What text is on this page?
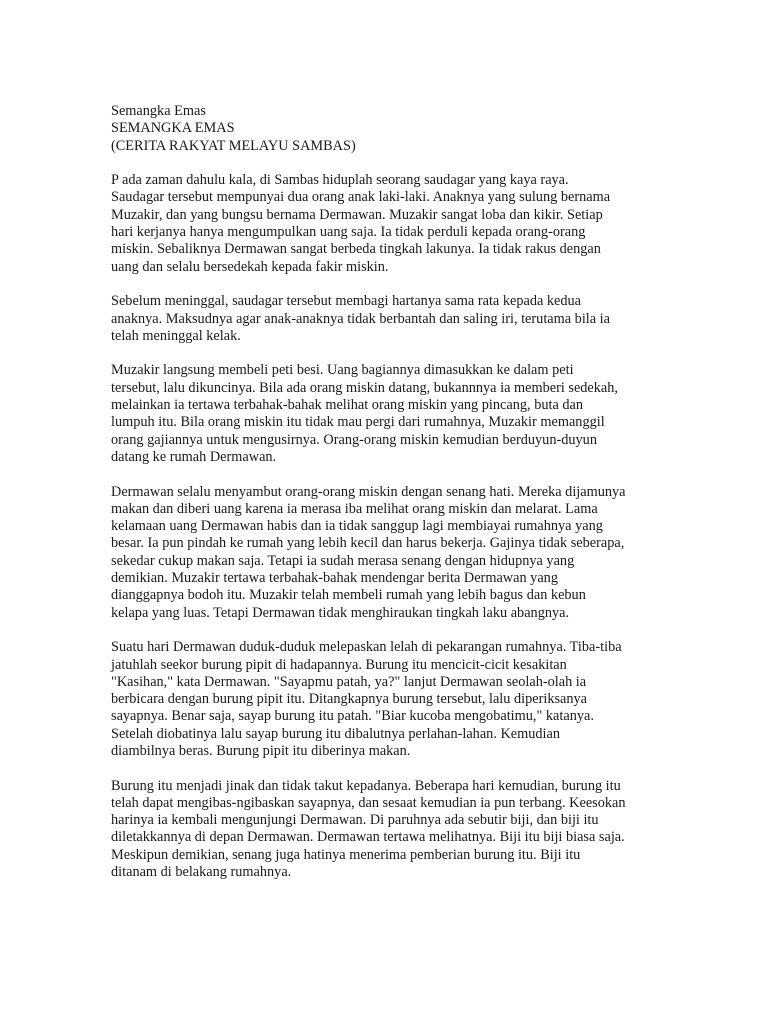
Semangka Emas
SEMANGKA EMAS
(CERITA RAKYAT MELAYU SAMBAS)

P ada zaman dahulu kala, di Sambas hiduplah seorang saudagar yang kaya raya.
Saudagar tersebut mempunyai dua orang anak laki-laki. Anaknya yang sulung bernama
Muzakir, dan yang bungsu bernama Dermawan. Muzakir sangat loba dan kikir. Setiap
hari kerjanya hanya mengumpulkan uang saja. Ia tidak perduli kepada orang-orang
miskin. Sebaliknya Dermawan sangat berbeda tingkah lakunya. Ia tidak rakus dengan
uang dan selalu bersedekah kepada fakir miskin.

Sebelum meninggal, saudagar tersebut membagi hartanya sama rata kepada kedua
anaknya. Maksudnya agar anak-anaknya tidak berbantah dan saling iri, terutama bila ia
telah meninggal kelak.

Muzakir langsung membeli peti besi. Uang bagiannya dimasukkan ke dalam peti
tersebut, lalu dikuncinya. Bila ada orang miskin datang, bukannnya ia memberi sedekah,
melainkan ia tertawa terbahak-bahak melihat orang miskin yang pincang, buta dan
lumpuh itu. Bila orang miskin itu tidak mau pergi dari rumahnya, Muzakir memanggil
orang gajiannya untuk mengusirnya. Orang-orang miskin kemudian berduyun-duyun
datang ke rumah Dermawan.

Dermawan selalu menyambut orang-orang miskin dengan senang hati. Mereka dijamunya
makan dan diberi uang karena ia merasa iba melihat orang miskin dan melarat. Lama
kelamaan uang Dermawan habis dan ia tidak sanggup lagi membiayai rumahnya yang
besar. Ia pun pindah ke rumah yang lebih kecil dan harus bekerja. Gajinya tidak seberapa,
sekedar cukup makan saja. Tetapi ia sudah merasa senang dengan hidupnya yang
demikian. Muzakir tertawa terbahak-bahak mendengar berita Dermawan yang
dianggapnya bodoh itu. Muzakir telah membeli rumah yang lebih bagus dan kebun
kelapa yang luas. Tetapi Dermawan tidak menghiraukan tingkah laku abangnya.

Suatu hari Dermawan duduk-duduk melepaskan lelah di pekarangan rumahnya. Tiba-tiba
jatuhlah seekor burung pipit di hadapannya. Burung itu mencicit-cicit kesakitan
"Kasihan," kata Dermawan. "Sayapmu patah, ya?" lanjut Dermawan seolah-olah ia
berbicara dengan burung pipit itu. Ditangkapnya burung tersebut, lalu diperiksanya
sayapnya. Benar saja, sayap burung itu patah. "Biar kucoba mengobatimu," katanya.
Setelah diobatinya lalu sayap burung itu dibalutnya perlahan-lahan. Kemudian
diambilnya beras. Burung pipit itu diberinya makan.

Burung itu menjadi jinak dan tidak takut kepadanya. Beberapa hari kemudian, burung itu
telah dapat mengibas-ngibaskan sayapnya, dan sesaat kemudian ia pun terbang. Keesokan
harinya ia kembali mengunjungi Dermawan. Di paruhnya ada sebutir biji, dan biji itu
diletakkannya di depan Dermawan. Dermawan tertawa melihatnya. Biji itu biji biasa saja.
Meskipun demikian, senang juga hatinya menerima pemberian burung itu. Biji itu
ditanam di belakang rumahnya.
